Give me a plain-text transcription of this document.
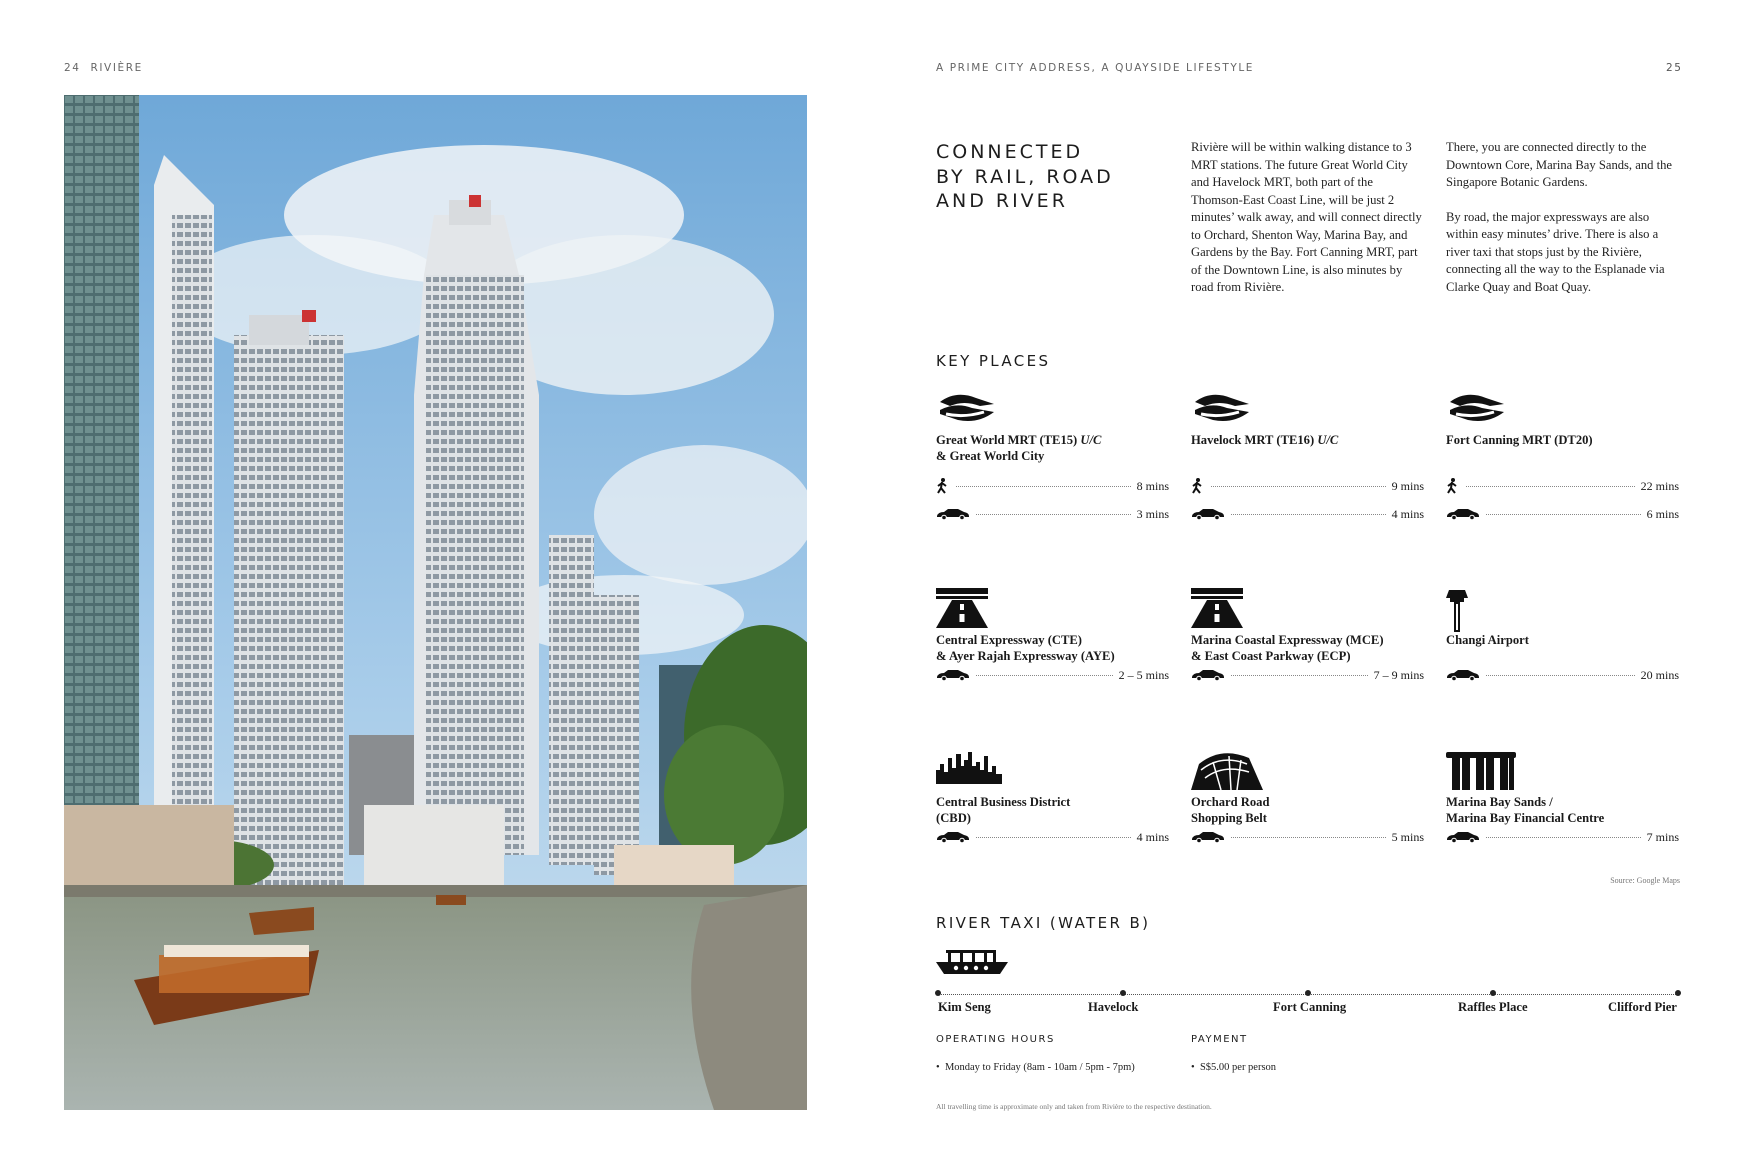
24 RIVIÈRE	A PRIME CITY ADDRESS, A QUAYSIDE LIFESTYLE	25
CONNECTED
BY RAIL, ROAD
AND RIVER

Rivière will be within walking distance to 3 MRT stations. The future Great World City and Havelock MRT, both part of the Thomson-East Coast Line, will be just 2 minutes’ walk away, and will connect directly to Orchard, Shenton Way, Marina Bay, and Gardens by the Bay. Fort Canning MRT, part of the Downtown Line, is also minutes by road from Rivière.

There, you are connected directly to the Downtown Core, Marina Bay Sands, and the Singapore Botanic Gardens.

By road, the major expressways are also within easy minutes’ drive. There is also a river taxi that stops just by the Rivière, connecting all the way to the Esplanade via Clarke Quay and Boat Quay.

KEY PLACES
Great World MRT (TE15) U/C
& Great World City
8 mins
3 mins
Havelock MRT (TE16) U/C
9 mins
4 mins
Fort Canning MRT (DT20)
22 mins
6 mins
Central Expressway (CTE)
& Ayer Rajah Expressway (AYE)
2 – 5 mins
Marina Coastal Expressway (MCE)
& East Coast Parkway (ECP)
7 – 9 mins
Changi Airport
20 mins
Central Business District
(CBD)
4 mins
Orchard Road
Shopping Belt
5 mins
Marina Bay Sands /
Marina Bay Financial Centre
7 mins
Source: Google Maps
RIVER TAXI (WATER B)
Kim Seng	Havelock	Fort Canning	Raffles Place	Clifford Pier
OPERATING HOURS
•  Monday to Friday (8am - 10am / 5pm - 7pm)
PAYMENT
•  S$5.00 per person
All travelling time is approximate only and taken from Rivière to the respective destination.
